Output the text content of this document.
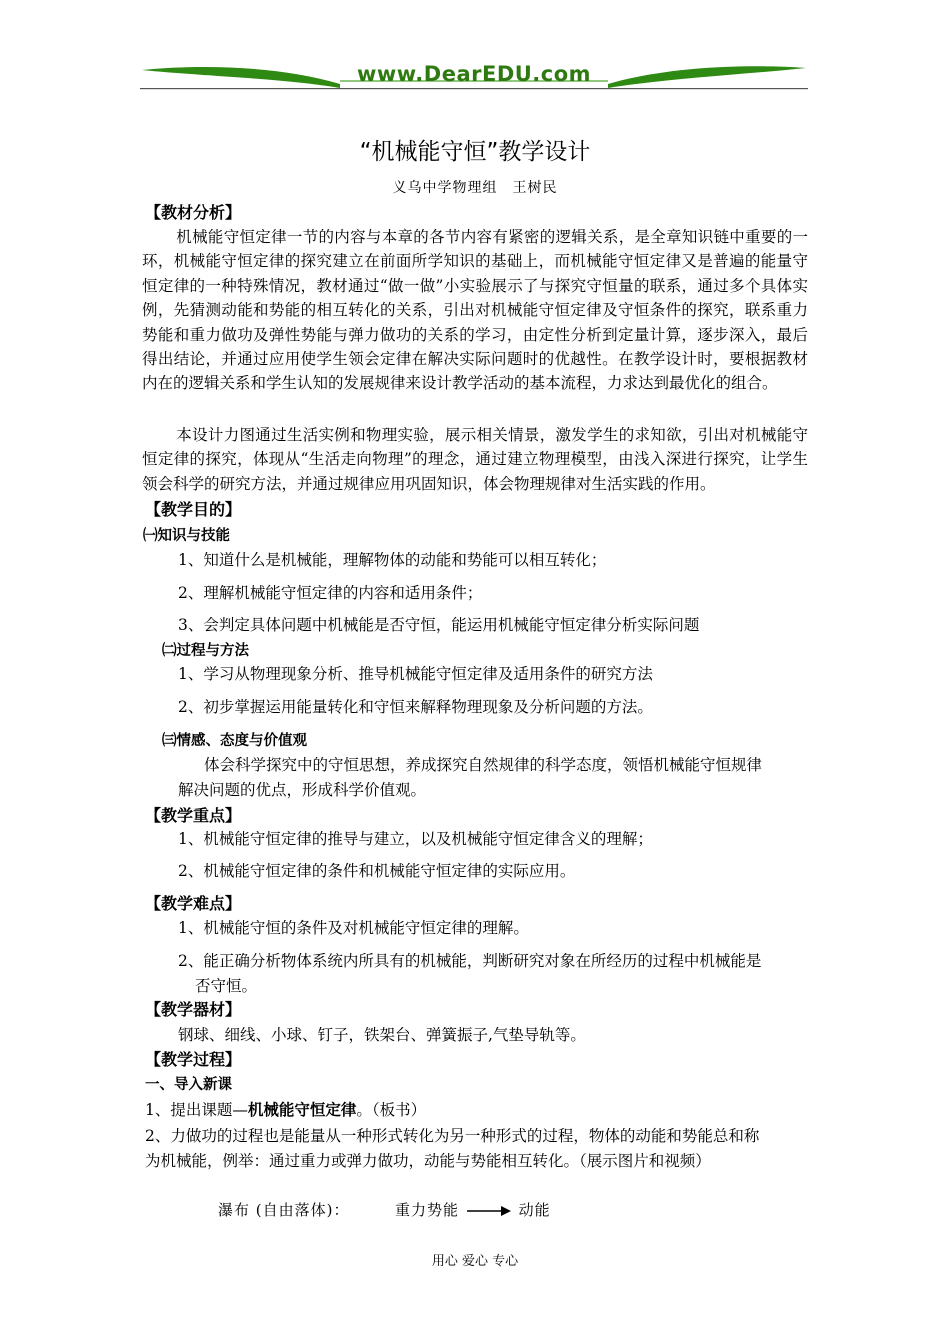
www.DearEDU.com
“机械能守恒”教学设计
义乌中学物理组　王树民
【教材分析】
机械能守恒定律一节的内容与本章的各节内容有紧密的逻辑关系，是全章知识链中重要的一环，机械能守恒定律的探究建立在前面所学知识的基础上，而机械能守恒定律又是普遍的能量守恒定律的一种特殊情况，教材通过“做一做”小实验展示了与探究守恒量的联系，通过多个具体实例，先猜测动能和势能的相互转化的关系，引出对机械能守恒定律及守恒条件的探究，联系重力势能和重力做功及弹性势能与弹力做功的关系的学习，由定性分析到定量计算，逐步深入，最后得出结论，并通过应用使学生领会定律在解决实际问题时的优越性。在教学设计时，要根据教材内在的逻辑关系和学生认知的发展规律来设计教学活动的基本流程，力求达到最优化的组合。
本设计力图通过生活实例和物理实验，展示相关情景，激发学生的求知欲，引出对机械能守恒定律的探究，体现从“生活走向物理”的理念，通过建立物理模型，由浅入深进行探究，让学生领会科学的研究方法，并通过规律应用巩固知识，体会物理规律对生活实践的作用。
【教学目的】
㈠知识与技能
1、知道什么是机械能，理解物体的动能和势能可以相互转化；
2、理解机械能守恒定律的内容和适用条件；
3、会判定具体问题中机械能是否守恒，能运用机械能守恒定律分析实际问题
㈡过程与方法
1、学习从物理现象分析、推导机械能守恒定律及适用条件的研究方法
2、初步掌握运用能量转化和守恒来解释物理现象及分析问题的方法。
㈢情感、态度与价值观
体会科学探究中的守恒思想，养成探究自然规律的科学态度，领悟机械能守恒规律
解决问题的优点，形成科学价值观。
【教学重点】
1、机械能守恒定律的推导与建立，以及机械能守恒定律含义的理解；
2、机械能守恒定律的条件和机械能守恒定律的实际应用。
【教学难点】
1、机械能守恒的条件及对机械能守恒定律的理解。
2、能正确分析物体系统内所具有的机械能，判断研究对象在所经历的过程中机械能是
否守恒。
【教学器材】
钢球、细线、小球、钉子，铁架台、弹簧振子,气垫导轨等。
【教学过程】
一、导入新课
1、提出课题—机械能守恒定律。（板书）
2、力做功的过程也是能量从一种形式转化为另一种形式的过程，物体的动能和势能总和称
为机械能，例举：通过重力或弹力做功，动能与势能相互转化。（展示图片和视频）
瀑布 (自由落体)：	重力势能	动能
用心 爱心 专心
